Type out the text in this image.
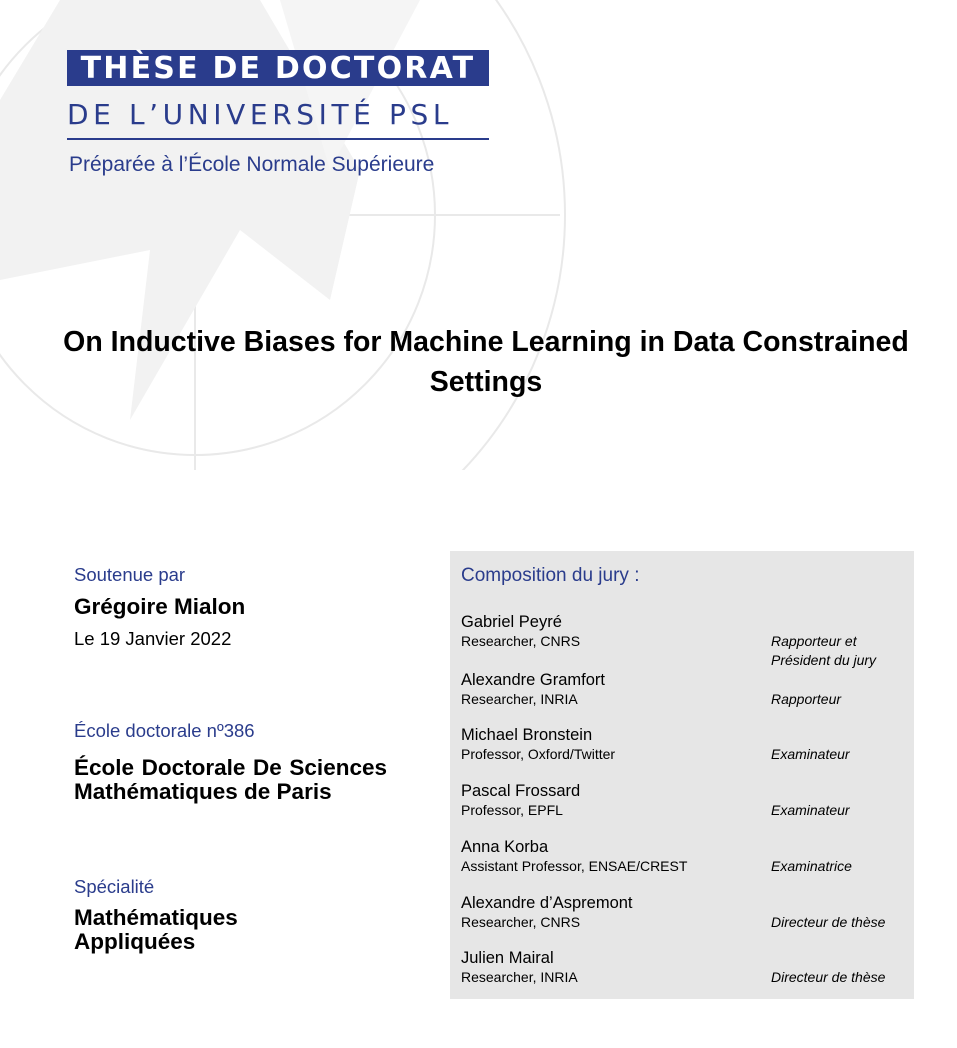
THÈSE DE DOCTORAT
DE L’UNIVERSITÉ PSL
Préparée à l’École Normale Supérieure
On Inductive Biases for Machine Learning in Data Constrained Settings
Soutenue par
Grégoire Mialon
Le 19 Janvier 2022
École doctorale nº386
École Doctorale De Sciences Mathématiques de Paris
Spécialité
Mathématiques Appliquées
Composition du jury :
Gabriel Peyré
Researcher, CNRS	Rapporteur et Président du jury
Alexandre Gramfort
Researcher, INRIA	Rapporteur
Michael Bronstein
Professor, Oxford/Twitter	Examinateur
Pascal Frossard
Professor, EPFL	Examinateur
Anna Korba
Assistant Professor, ENSAE/CREST	Examinatrice
Alexandre d’Aspremont
Researcher, CNRS	Directeur de thèse
Julien Mairal
Researcher, INRIA	Directeur de thèse
